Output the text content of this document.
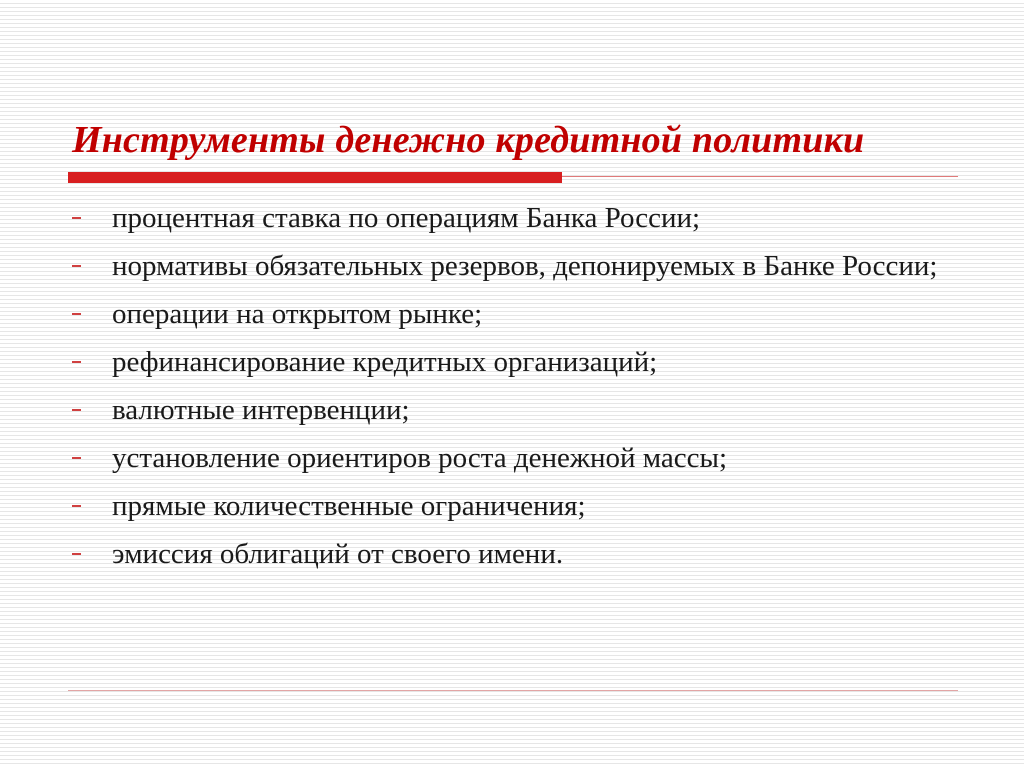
Инструменты денежно кредитной политики
процентная ставка по операциям Банка России;
нормативы обязательных резервов, депонируемых в Банке России;
операции на открытом рынке;
рефинансирование кредитных организаций;
валютные интервенции;
установление ориентиров роста денежной массы;
прямые количественные ограничения;
эмиссия облигаций от своего имени.
